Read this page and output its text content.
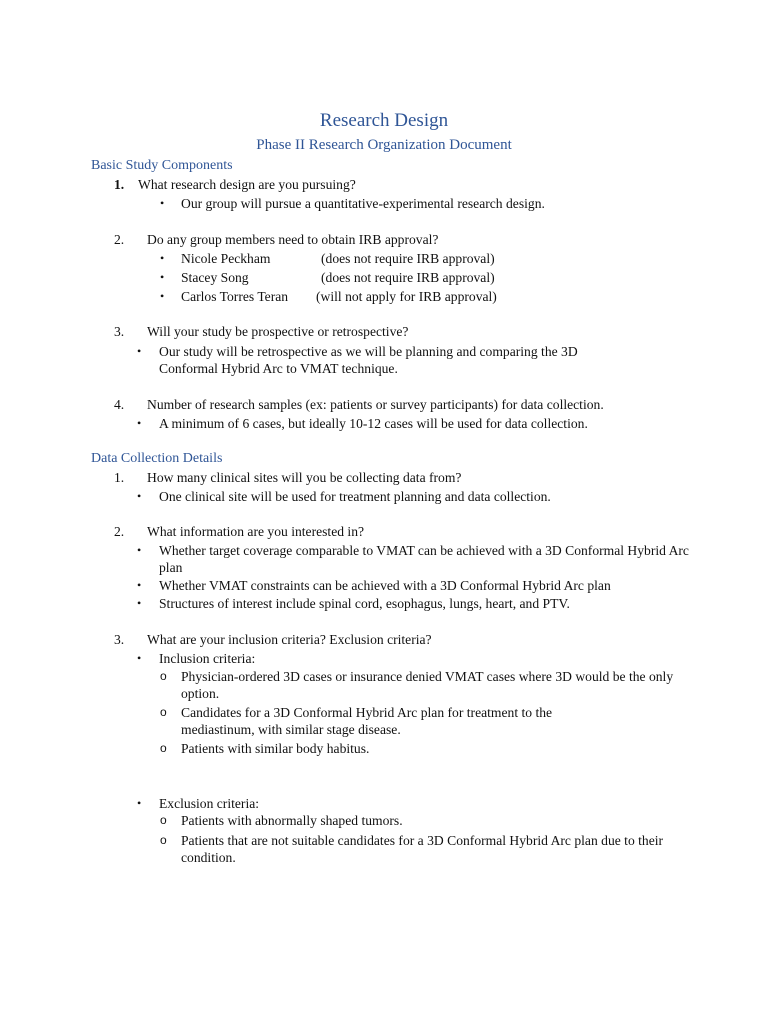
Research Design
Phase II Research Organization Document
Basic Study Components
1. What research design are you pursuing?
• Our group will pursue a quantitative-experimental research design.
2. Do any group members need to obtain IRB approval?
• Nicole Peckham	(does not require IRB approval)
• Stacey Song	(does not require IRB approval)
• Carlos Torres Teran (will not apply for IRB approval)
3. Will your study be prospective or retrospective?
• Our study will be retrospective as we will be planning and comparing the 3D Conformal Hybrid Arc to VMAT technique.
4. Number of research samples (ex: patients or survey participants) for data collection.
• A minimum of 6 cases, but ideally 10-12 cases will be used for data collection.
Data Collection Details
1. How many clinical sites will you be collecting data from?
• One clinical site will be used for treatment planning and data collection.
2. What information are you interested in?
• Whether target coverage comparable to VMAT can be achieved with a 3D Conformal Hybrid Arc plan
• Whether VMAT constraints can be achieved with a 3D Conformal Hybrid Arc plan
• Structures of interest include spinal cord, esophagus, lungs, heart, and PTV.
3. What are your inclusion criteria? Exclusion criteria?
• Inclusion criteria:
o Physician-ordered 3D cases or insurance denied VMAT cases where 3D would be the only option.
o Candidates for a 3D Conformal Hybrid Arc plan for treatment to the mediastinum, with similar stage disease.
o Patients with similar body habitus.
• Exclusion criteria:
o Patients with abnormally shaped tumors.
o Patients that are not suitable candidates for a 3D Conformal Hybrid Arc plan due to their condition.
